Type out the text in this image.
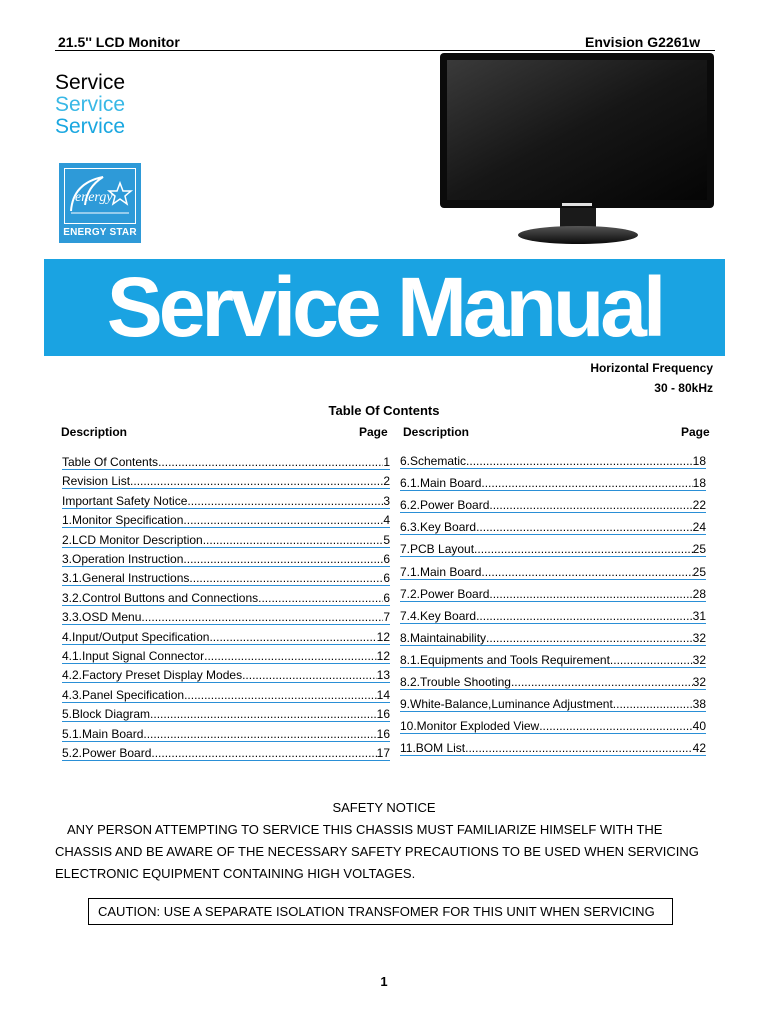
21.5'' LCD Monitor	Envision G2261w
Service
Service
Service
energy
ENERGY STAR
Service Manual
Horizontal Frequency
30 - 80kHz
Table Of Contents
Description	Page Description	Page
Table Of Contents .....	1
Revision List .....	2
Important Safety Notice .....	3
1.Monitor Specification .....	4
2.LCD Monitor Description .....	5
3.Operation Instruction .....	6
3.1.General Instructions .....	6
3.2.Control Buttons and Connections .....	6
3.3.OSD Menu .....	7
4.Input/Output Specification .....	12
4.1.Input Signal Connector .....	12
4.2.Factory Preset Display Modes .....	13
4.3.Panel Specification .....	14
5.Block Diagram .....	16
5.1.Main Board .....	16
5.2.Power Board .....	17
6.Schematic .....	18
6.1.Main Board .....	18
6.2.Power Board .....	22
6.3.Key Board .....	24
7.PCB Layout .....	25
7.1.Main Board .....	25
7.2.Power Board .....	28
7.4.Key Board .....	31
8.Maintainability .....	32
8.1.Equipments and Tools Requirement .....	32
8.2.Trouble Shooting .....	32
9.White-Balance,Luminance Adjustment .....	38
10.Monitor Exploded View .....	40
11.BOM List .....	42
SAFETY NOTICE
ANY PERSON ATTEMPTING TO SERVICE THIS CHASSIS MUST FAMILIARIZE HIMSELF WITH THE
CHASSIS AND BE AWARE OF THE NECESSARY SAFETY PRECAUTIONS TO BE USED WHEN SERVICING
ELECTRONIC EQUIPMENT CONTAINING HIGH VOLTAGES.
CAUTION: USE A SEPARATE ISOLATION TRANSFOMER FOR THIS UNIT WHEN SERVICING
1
